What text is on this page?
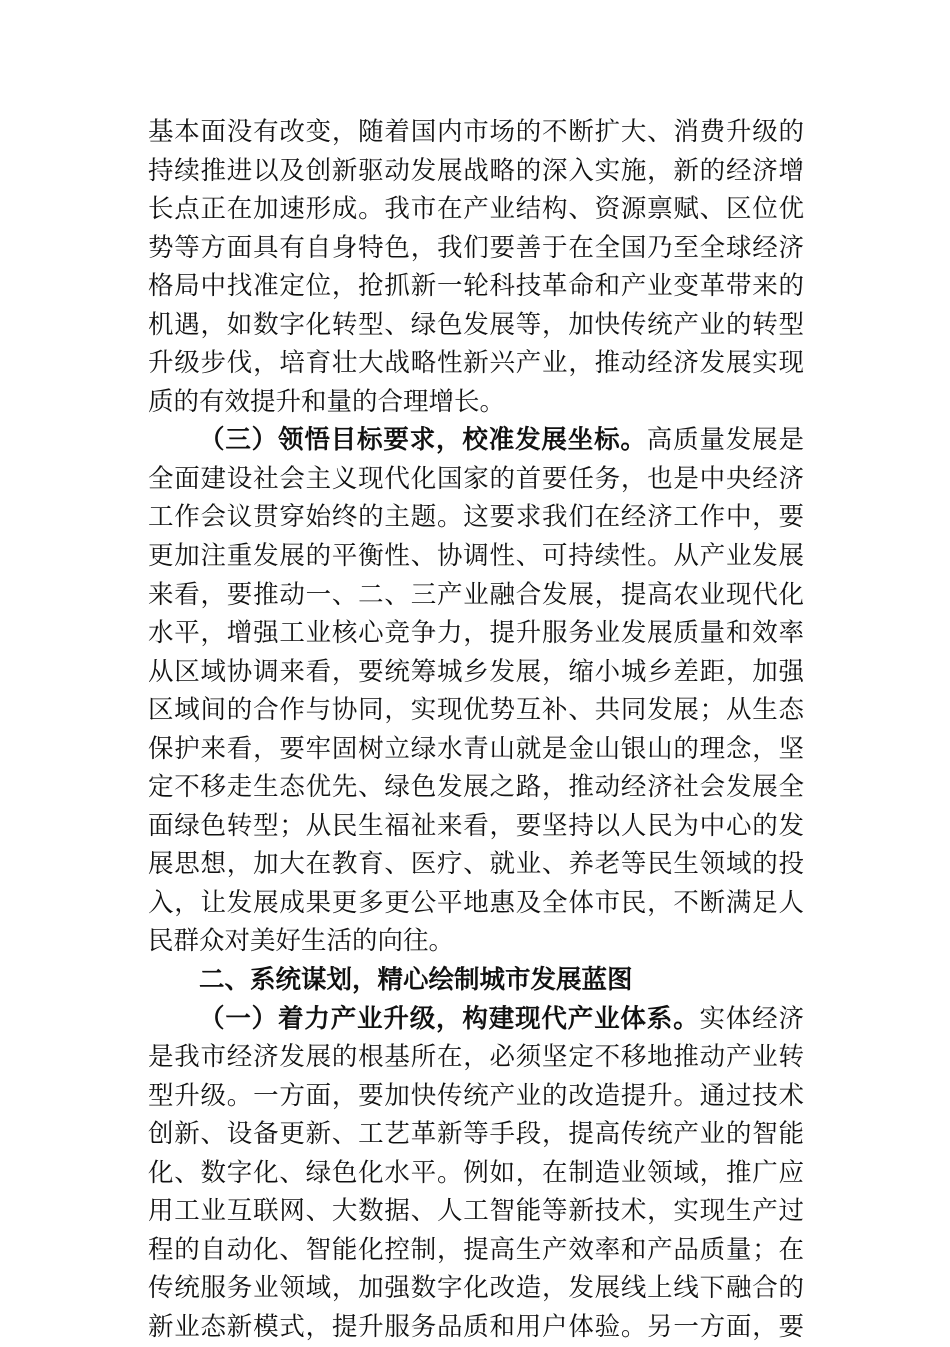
基本面没有改变，随着国内市场的不断扩大、消费升级的
持续推进以及创新驱动发展战略的深入实施，新的经济增
长点正在加速形成。我市在产业结构、资源禀赋、区位优
势等方面具有自身特色，我们要善于在全国乃至全球经济
格局中找准定位，抢抓新一轮科技革命和产业变革带来的
机遇，如数字化转型、绿色发展等，加快传统产业的转型
升级步伐，培育壮大战略性新兴产业，推动经济发展实现
质的有效提升和量的合理增长。
（三）领悟目标要求，校准发展坐标。高质量发展是
全面建设社会主义现代化国家的首要任务，也是中央经济
工作会议贯穿始终的主题。这要求我们在经济工作中，要
更加注重发展的平衡性、协调性、可持续性。从产业发展
来看，要推动一、二、三产业融合发展，提高农业现代化
水平，增强工业核心竞争力，提升服务业发展质量和效率
从区域协调来看，要统筹城乡发展，缩小城乡差距，加强
区域间的合作与协同，实现优势互补、共同发展；从生态
保护来看，要牢固树立绿水青山就是金山银山的理念，坚
定不移走生态优先、绿色发展之路，推动经济社会发展全
面绿色转型；从民生福祉来看，要坚持以人民为中心的发
展思想，加大在教育、医疗、就业、养老等民生领域的投
入，让发展成果更多更公平地惠及全体市民，不断满足人
民群众对美好生活的向往。
二、系统谋划，精心绘制城市发展蓝图
（一）着力产业升级，构建现代产业体系。实体经济
是我市经济发展的根基所在，必须坚定不移地推动产业转
型升级。一方面，要加快传统产业的改造提升。通过技术
创新、设备更新、工艺革新等手段，提高传统产业的智能
化、数字化、绿色化水平。例如，在制造业领域，推广应
用工业互联网、大数据、人工智能等新技术，实现生产过
程的自动化、智能化控制，提高生产效率和产品质量；在
传统服务业领域，加强数字化改造，发展线上线下融合的
新业态新模式，提升服务品质和用户体验。另一方面，要
